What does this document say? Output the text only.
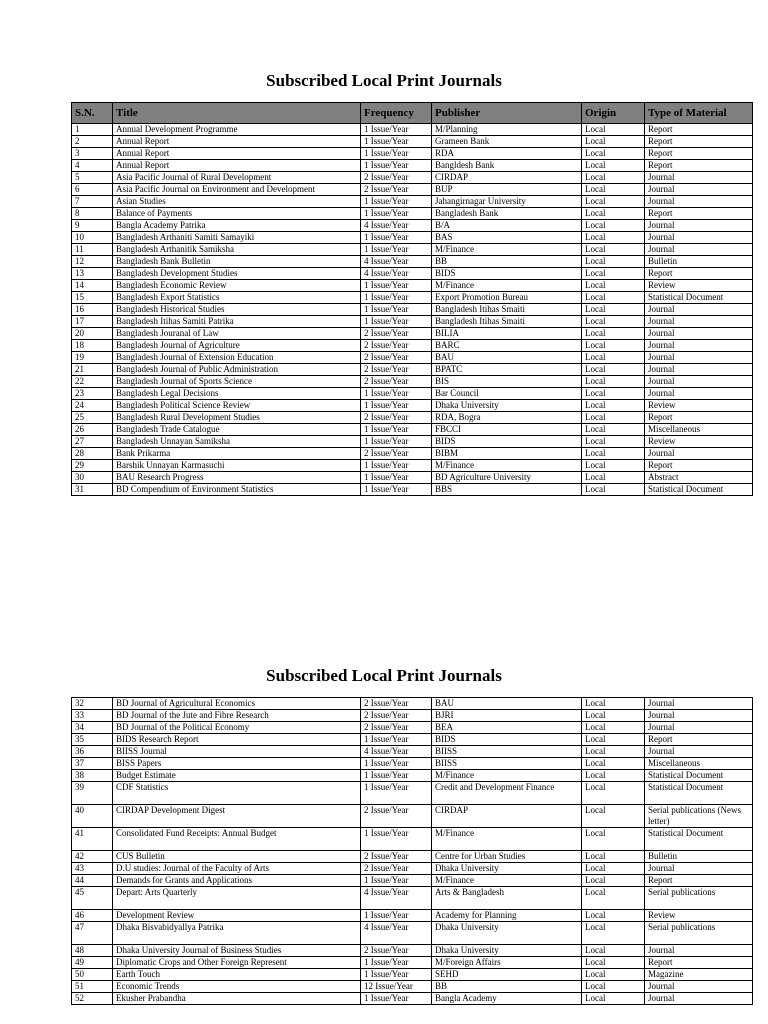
Subscribed Local Print Journals
S.N.	Title	Frequency	Publisher	Origin	Type of Material
1	Annual Development Programme	1 Issue/Year	M/Planning	Local	Report
2	Annual Report	1 Issue/Year	Grameen Bank	Local	Report
3	Annual Report	1 Issue/Year	RDA	Local	Report
4	Annual Report	1 Issue/Year	Bangldesh Bank	Local	Report
5	Asia Pacific Journal of Rural Development	2 Issue/Year	CIRDAP	Local	Journal
6	Asia Pacific Journal on Environment and Development	2 Issue/Year	BUP	Local	Journal
7	Asian Studies	1 Issue/Year	Jahangirnagar University	Local	Journal
8	Balance of Payments	1 Issue/Year	Bangladesh Bank	Local	Report
9	Bangla Academy Patrika	4 Issue/Year	B/A	Local	Journal
10	Bangladesh Arthaniti Samiti Samayiki	1 Issue/Year	BAS	Local	Journal
11	Bangladesh Arthanitik Samiksha	1 Issue/Year	M/Finance	Local	Journal
12	Bangladesh Bank Bulletin	4 Issue/Year	BB	Local	Bulletin
13	Bangladesh Development Studies	4 Issue/Year	BIDS	Local	Report
14	Bangladesh Economic Review	1 Issue/Year	M/Finance	Local	Review
15	Bangladesh Export Statistics	1 Issue/Year	Export Promotion Bureau	Local	Statistical Document
16	Bangladesh Historical Studies	1 Issue/Year	Bangladesh Itihas Smaiti	Local	Journal
17	Bangladesh Itihas Samiti Patrika	1 Issue/Year	Bangladesh Itihas Smaiti	Local	Journal
20	Bangladesh Jouranal of Law	2 Issue/Year	BILIA	Local	Journal
18	Bangladesh Journal of Agriculture	2 Issue/Year	BARC	Local	Journal
19	Bangladesh Journal of Extension Education	2 Issue/Year	BAU	Local	Journal
21	Bangladesh Journal of Public Administration	2 Issue/Year	BPATC	Local	Journal
22	Bangladesh Journal of Sports Science	2 Issue/Year	BIS	Local	Journal
23	Bangladesh Legal Decisions	1 Issue/Year	Bar Council	Local	Journal
24	Bangladesh Political Science Review	1 Issue/Year	Dhaka University	Local	Review
25	Bangladesh Rural Development Studies	2 Issue/Year	RDA, Bogra	Local	Report
26	Bangladesh Trade Catalogue	1 Issue/Year	FBCCI	Local	Miscellaneous
27	Bangladesh Unnayan Samiksha	1 Issue/Year	BIDS	Local	Review
28	Bank Prikarma	2 Issue/Year	BIBM	Local	Journal
29	Barshik Unnayan Karmasuchi	1 Issue/Year	M/Finance	Local	Report
30	BAU Research Progress	1 Issue/Year	BD Agriculture University	Local	Abstract
31	BD Compendium of Environment Statistics	1 Issue/Year	BBS	Local	Statistical Document
Subscribed Local Print Journals
32	BD Journal of Agricultural Economics	2 Issue/Year	BAU	Local	Journal
33	BD Journal of the Jute and Fibre Research	2 Issue/Year	BJRI	Local	Journal
34	BD Journal of the Political Economy	2 Issue/Year	BEA	Local	Journal
35	BIDS Research Report	1 Issue/Year	BIDS	Local	Report
36	BIISS Journal	4 Issue/Year	BIISS	Local	Journal
37	BISS Papers	1 Issue/Year	BIISS	Local	Miscellaneous
38	Budget Estimate	1 Issue/Year	M/Finance	Local	Statistical Document
39	CDF Statistics	1 Issue/Year	Credit and Development Finance	Local	Statistical Document
40	CIRDAP Development Digest	2 Issue/Year	CIRDAP	Local	Serial publications (News letter)
41	Consolidated Fund Receipts: Annual Budget	1 Issue/Year	M/Finance	Local	Statistical Document
42	CUS Bulletin	2 Issue/Year	Centre for Urban Studies	Local	Bulletin
43	D.U studies: Journal of the Faculty of Arts	2 Issue/Year	Dhaka University	Local	Journal
44	Demands for Grants and Applications	1 Issue/Year	M/Finance	Local	Report
45	Depart: Arts Quarterly	4 Issue/Year	Arts & Bangladesh	Local	Serial publications
46	Development Review	1 Issue/Year	Academy for Planning	Local	Review
47	Dhaka Bisvabidyallya Patrika	4 Issue/Year	Dhaka University	Local	Serial publications
48	Dhaka University Journal of Business Studies	2 Issue/Year	Dhaka University	Local	Journal
49	Diplomatic Crops and Other Foreign Represent	1 Issue/Year	M/Foreign Affairs	Local	Report
50	Earth Touch	1 Issue/Year	SEHD	Local	Magazine
51	Economic Trends	12 Issue/Year	BB	Local	Journal
52	Ekusher Prabandha	1 Issue/Year	Bangla Academy	Local	Journal
